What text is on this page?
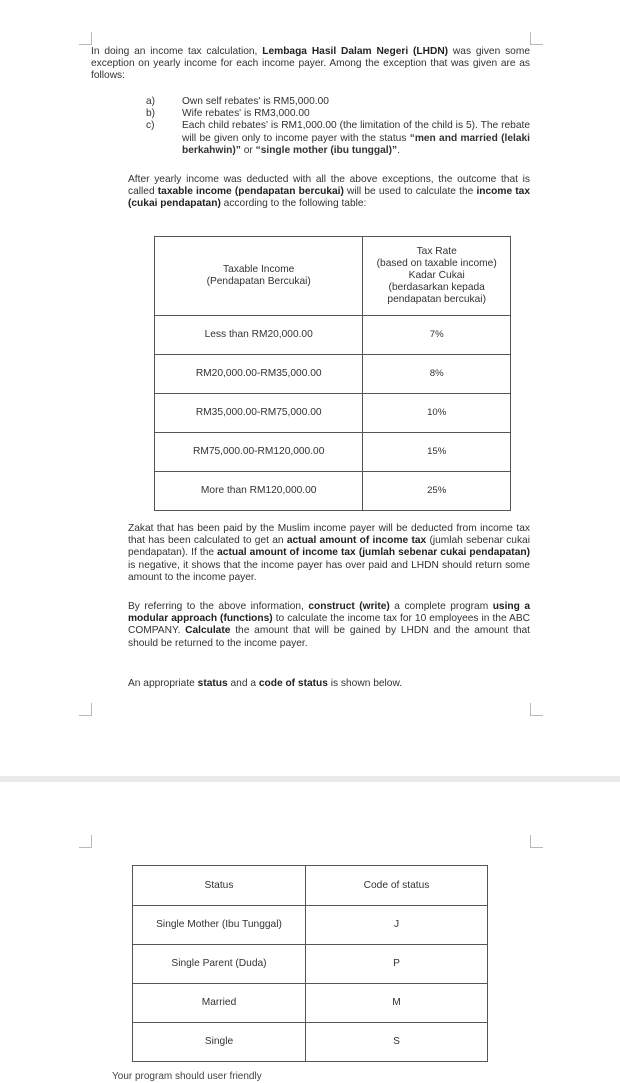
In doing an income tax calculation, Lembaga Hasil Dalam Negeri (LHDN) was given some exception on yearly income for each income payer. Among the exception that was given are as follows:

a)	Own self rebates' is RM5,000.00
b)	Wife rebates' is RM3,000.00
c)	Each child rebates' is RM1,000.00 (the limitation of the child is 5). The rebate will be given only to income payer with the status “men and married (lelaki berkahwin)” or “single mother (ibu tunggal)”.

After yearly income was deducted with all the above exceptions, the outcome that is called taxable income (pendapatan bercukai) will be used to calculate the income tax (cukai pendapatan) according to the following table:

Taxable Income
(Pendapatan Bercukai)	Tax Rate
(based on taxable income)
Kadar Cukai
(berdasarkan kepada
pendapatan bercukai)
Less than RM20,000.00	7%
RM20,000.00-RM35,000.00	8%
RM35,000.00-RM75,000.00	10%
RM75,000.00-RM120,000.00	15%
More than RM120,000.00	25%

Zakat that has been paid by the Muslim income payer will be deducted from income tax that has been calculated to get an actual amount of income tax (jumlah sebenar cukai pendapatan). If the actual amount of income tax (jumlah sebenar cukai pendapatan) is negative, it shows that the income payer has over paid and LHDN should return some amount to the income payer.

By referring to the above information, construct (write) a complete program using a modular approach (functions) to calculate the income tax for 10 employees in the ABC COMPANY. Calculate the amount that will be gained by LHDN and the amount that should be returned to the income payer.

An appropriate status and a code of status is shown below.

Status	Code of status
Single Mother (Ibu Tunggal)	J
Single Parent (Duda)	P
Married	M
Single	S
Your program should user friendly
